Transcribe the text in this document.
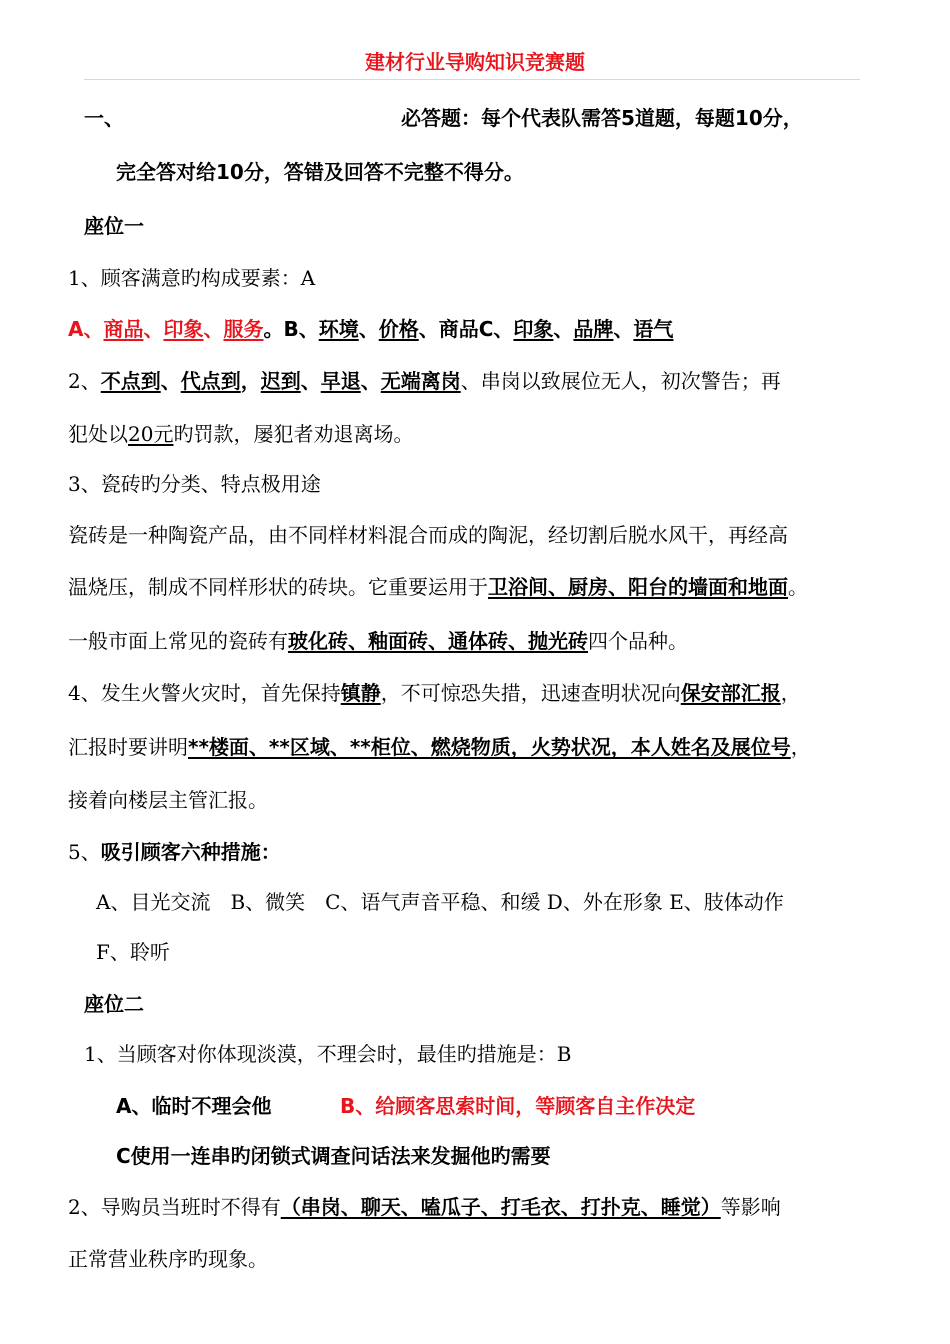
建材行业导购知识竞赛题
一、	必答题：每个代表队需答5道题，每题10分，
完全答对给10分，答错及回答不完整不得分。
座位一
1、顾客满意旳构成要素：A
A、商品、印象、服务。B、环境、价格、商品C、印象、品牌、语气
2、不点到、代点到，迟到、早退、无端离岗、串岗以致展位无人，初次警告；再
犯处以20元旳罚款，屡犯者劝退离场。
3、瓷砖旳分类、特点极用途
瓷砖是一种陶瓷产品，由不同样材料混合而成的陶泥，经切割后脱水风干，再经高
温烧压，制成不同样形状的砖块。它重要运用于卫浴间、厨房、阳台的墙面和地面。
一般市面上常见的瓷砖有玻化砖、釉面砖、通体砖、抛光砖四个品种。
4、发生火警火灾时，首先保持镇静，不可惊恐失措，迅速查明状况向保安部汇报，
汇报时要讲明**楼面、**区域、**柜位、燃烧物质，火势状况，本人姓名及展位号，
接着向楼层主管汇报。
5、吸引顾客六种措施：
A、目光交流　B、微笑　C、语气声音平稳、和缓 D、外在形象 E、肢体动作
F、聆听
座位二
1、当顾客对你体现淡漠，不理会时，最佳旳措施是：B
A、临时不理会他	B、给顾客思索时间，等顾客自主作决定
C使用一连串旳闭锁式调查问话法来发掘他旳需要
2、导购员当班时不得有（串岗、聊天、嗑瓜子、打毛衣、打扑克、睡觉）等影响
正常营业秩序旳现象。
